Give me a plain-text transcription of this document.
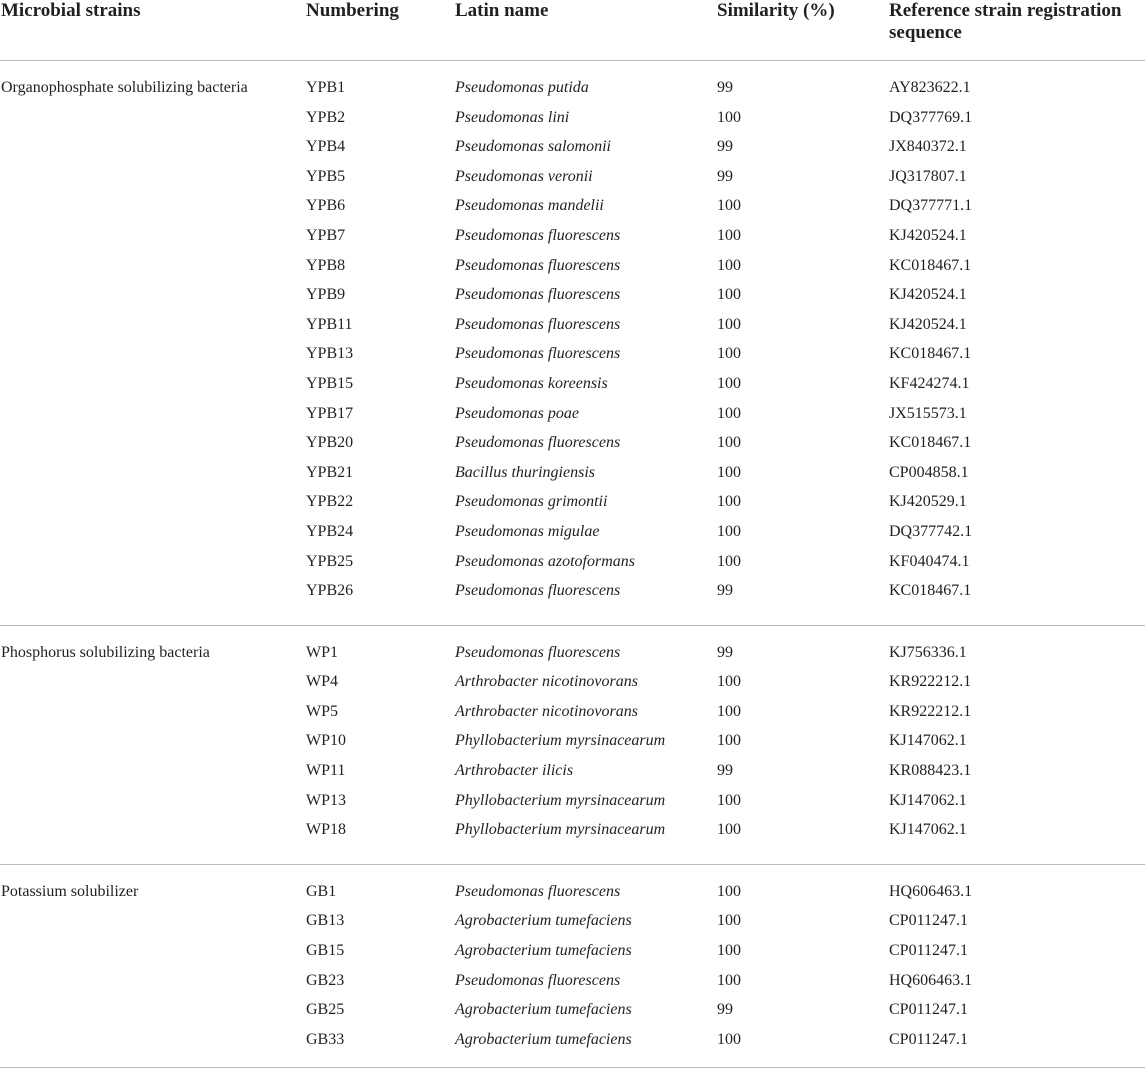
Microbial strains	Numbering	Latin name	Similarity (%)	Reference strain registration
sequence
Organophosphate solubilizing bacteria	YPB1	Pseudomonas putida	99	AY823622.1
YPB2	Pseudomonas lini	100	DQ377769.1
YPB4	Pseudomonas salomonii	99	JX840372.1
YPB5	Pseudomonas veronii	99	JQ317807.1
YPB6	Pseudomonas mandelii	100	DQ377771.1
YPB7	Pseudomonas fluorescens	100	KJ420524.1
YPB8	Pseudomonas fluorescens	100	KC018467.1
YPB9	Pseudomonas fluorescens	100	KJ420524.1
YPB11	Pseudomonas fluorescens	100	KJ420524.1
YPB13	Pseudomonas fluorescens	100	KC018467.1
YPB15	Pseudomonas koreensis	100	KF424274.1
YPB17	Pseudomonas poae	100	JX515573.1
YPB20	Pseudomonas fluorescens	100	KC018467.1
YPB21	Bacillus thuringiensis	100	CP004858.1
YPB22	Pseudomonas grimontii	100	KJ420529.1
YPB24	Pseudomonas migulae	100	DQ377742.1
YPB25	Pseudomonas azotoformans	100	KF040474.1
YPB26	Pseudomonas fluorescens	99	KC018467.1
Phosphorus solubilizing bacteria	WP1	Pseudomonas fluorescens	99	KJ756336.1
WP4	Arthrobacter nicotinovorans	100	KR922212.1
WP5	Arthrobacter nicotinovorans	100	KR922212.1
WP10	Phyllobacterium myrsinacearum	100	KJ147062.1
WP11	Arthrobacter ilicis	99	KR088423.1
WP13	Phyllobacterium myrsinacearum	100	KJ147062.1
WP18	Phyllobacterium myrsinacearum	100	KJ147062.1
Potassium solubilizer	GB1	Pseudomonas fluorescens	100	HQ606463.1
GB13	Agrobacterium tumefaciens	100	CP011247.1
GB15	Agrobacterium tumefaciens	100	CP011247.1
GB23	Pseudomonas fluorescens	100	HQ606463.1
GB25	Agrobacterium tumefaciens	99	CP011247.1
GB33	Agrobacterium tumefaciens	100	CP011247.1
